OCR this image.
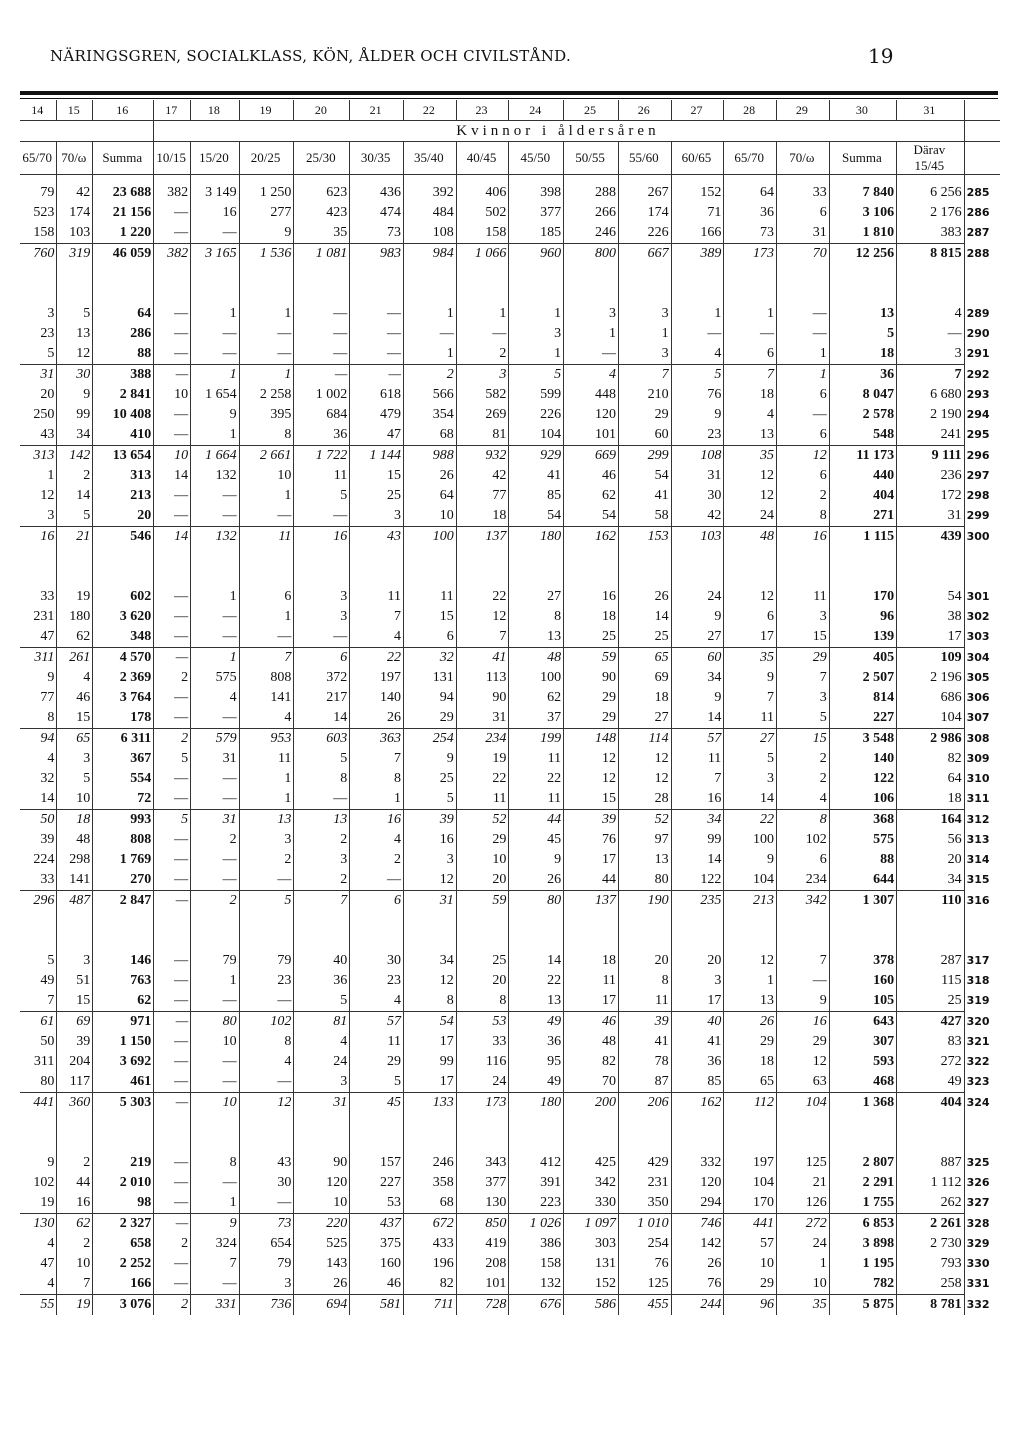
NÄRINGSGREN, SOCIALKLASS, KÖN, ÅLDER OCH CIVILSTÅND.	19
14	15	16	17	18	19	20	21	22	23	24	25	26	27	28	29	30	31	
			Kvinnor i åldersåren															
65/70	70/ω	Summa	10/15	15/20	20/25	25/30	30/35	35/40	40/45	45/50	50/55	55/60	60/65	65/70	70/ω	Summa	Därav
15/45	

79	42	23 688	382	3 149	1 250	623	436	392	406	398	288	267	152	64	33	7 840	6 256	285
523	174	21 156	—	16	277	423	474	484	502	377	266	174	71	36	6	3 106	2 176	286
158	103	1 220	—	—	9	35	73	108	158	185	246	226	166	73	31	1 810	383	287
760	319	46 059	382	3 165	1 536	1 081	983	984	1 066	960	800	667	389	173	70	12 256	8 815	288

3	5	64	—	1	1	—	—	1	1	1	3	3	1	1	—	13	4	289
23	13	286	—	—	—	—	—	—	—	3	1	1	—	—	—	5	—	290
5	12	88	—	—	—	—	—	1	2	1	—	3	4	6	1	18	3	291
31	30	388	—	1	1	—	—	2	3	5	4	7	5	7	1	36	7	292
20	9	2 841	10	1 654	2 258	1 002	618	566	582	599	448	210	76	18	6	8 047	6 680	293
250	99	10 408	—	9	395	684	479	354	269	226	120	29	9	4	—	2 578	2 190	294
43	34	410	—	1	8	36	47	68	81	104	101	60	23	13	6	548	241	295
313	142	13 654	10	1 664	2 661	1 722	1 144	988	932	929	669	299	108	35	12	11 173	9 111	296
1	2	313	14	132	10	11	15	26	42	41	46	54	31	12	6	440	236	297
12	14	213	—	—	1	5	25	64	77	85	62	41	30	12	2	404	172	298
3	5	20	—	—	—	—	3	10	18	54	54	58	42	24	8	271	31	299
16	21	546	14	132	11	16	43	100	137	180	162	153	103	48	16	1 115	439	300

33	19	602	—	1	6	3	11	11	22	27	16	26	24	12	11	170	54	301
231	180	3 620	—	—	1	3	7	15	12	8	18	14	9	6	3	96	38	302
47	62	348	—	—	—	—	4	6	7	13	25	25	27	17	15	139	17	303
311	261	4 570	—	1	7	6	22	32	41	48	59	65	60	35	29	405	109	304
9	4	2 369	2	575	808	372	197	131	113	100	90	69	34	9	7	2 507	2 196	305
77	46	3 764	—	4	141	217	140	94	90	62	29	18	9	7	3	814	686	306
8	15	178	—	—	4	14	26	29	31	37	29	27	14	11	5	227	104	307
94	65	6 311	2	579	953	603	363	254	234	199	148	114	57	27	15	3 548	2 986	308
4	3	367	5	31	11	5	7	9	19	11	12	12	11	5	2	140	82	309
32	5	554	—	—	1	8	8	25	22	22	12	12	7	3	2	122	64	310
14	10	72	—	—	1	—	1	5	11	11	15	28	16	14	4	106	18	311
50	18	993	5	31	13	13	16	39	52	44	39	52	34	22	8	368	164	312
39	48	808	—	2	3	2	4	16	29	45	76	97	99	100	102	575	56	313
224	298	1 769	—	—	2	3	2	3	10	9	17	13	14	9	6	88	20	314
33	141	270	—	—	—	2	—	12	20	26	44	80	122	104	234	644	34	315
296	487	2 847	—	2	5	7	6	31	59	80	137	190	235	213	342	1 307	110	316

5	3	146	—	79	79	40	30	34	25	14	18	20	20	12	7	378	287	317
49	51	763	—	1	23	36	23	12	20	22	11	8	3	1	—	160	115	318
7	15	62	—	—	—	5	4	8	8	13	17	11	17	13	9	105	25	319
61	69	971	—	80	102	81	57	54	53	49	46	39	40	26	16	643	427	320
50	39	1 150	—	10	8	4	11	17	33	36	48	41	41	29	29	307	83	321
311	204	3 692	—	—	4	24	29	99	116	95	82	78	36	18	12	593	272	322
80	117	461	—	—	—	3	5	17	24	49	70	87	85	65	63	468	49	323
441	360	5 303	—	10	12	31	45	133	173	180	200	206	162	112	104	1 368	404	324

9	2	219	—	8	43	90	157	246	343	412	425	429	332	197	125	2 807	887	325
102	44	2 010	—	—	30	120	227	358	377	391	342	231	120	104	21	2 291	1 112	326
19	16	98	—	1	—	10	53	68	130	223	330	350	294	170	126	1 755	262	327
130	62	2 327	—	9	73	220	437	672	850	1 026	1 097	1 010	746	441	272	6 853	2 261	328
4	2	658	2	324	654	525	375	433	419	386	303	254	142	57	24	3 898	2 730	329
47	10	2 252	—	7	79	143	160	196	208	158	131	76	26	10	1	1 195	793	330
4	7	166	—	—	3	26	46	82	101	132	152	125	76	29	10	782	258	331
55	19	3 076	2	331	736	694	581	711	728	676	586	455	244	96	35	5 875	8 781	332
